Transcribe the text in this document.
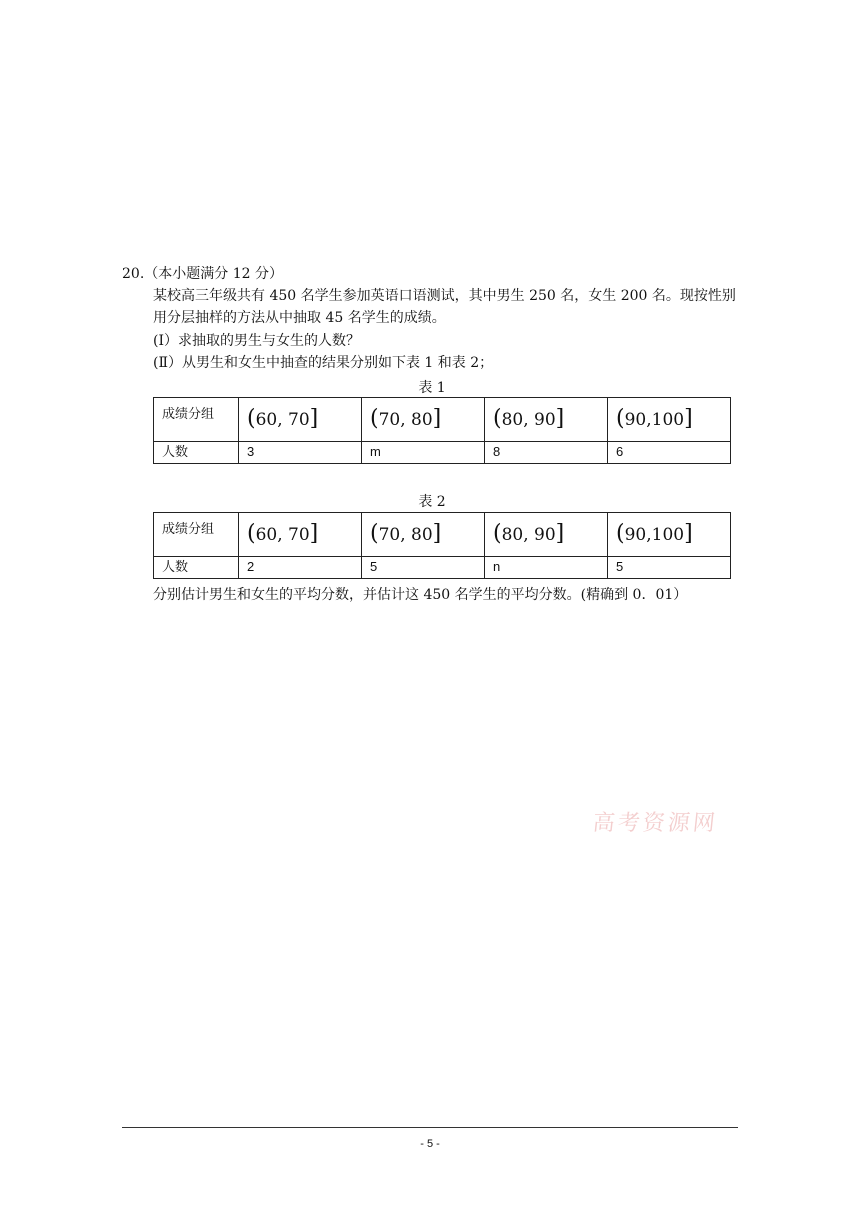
20.（本小题满分 12 分）
某校高三年级共有 450 名学生参加英语口语测试，其中男生 250 名，女生 200 名。现按性别用分层抽样的方法从中抽取 45 名学生的成绩。
(Ⅰ）求抽取的男生与女生的人数？
(Ⅱ）从男生和女生中抽查的结果分别如下表 1 和表 2；
表 1
成绩分组	(60, 70]	(70, 80]	(80, 90]	(90,100]

人数	3	m	8	6
表 2
成绩分组	(60, 70]	(70, 80]	(80, 90]	(90,100]

人数	2	5	n	5
分别估计男生和女生的平均分数，并估计这 450 名学生的平均分数。(精确到 0．01）
高考资源网
- 5 -
